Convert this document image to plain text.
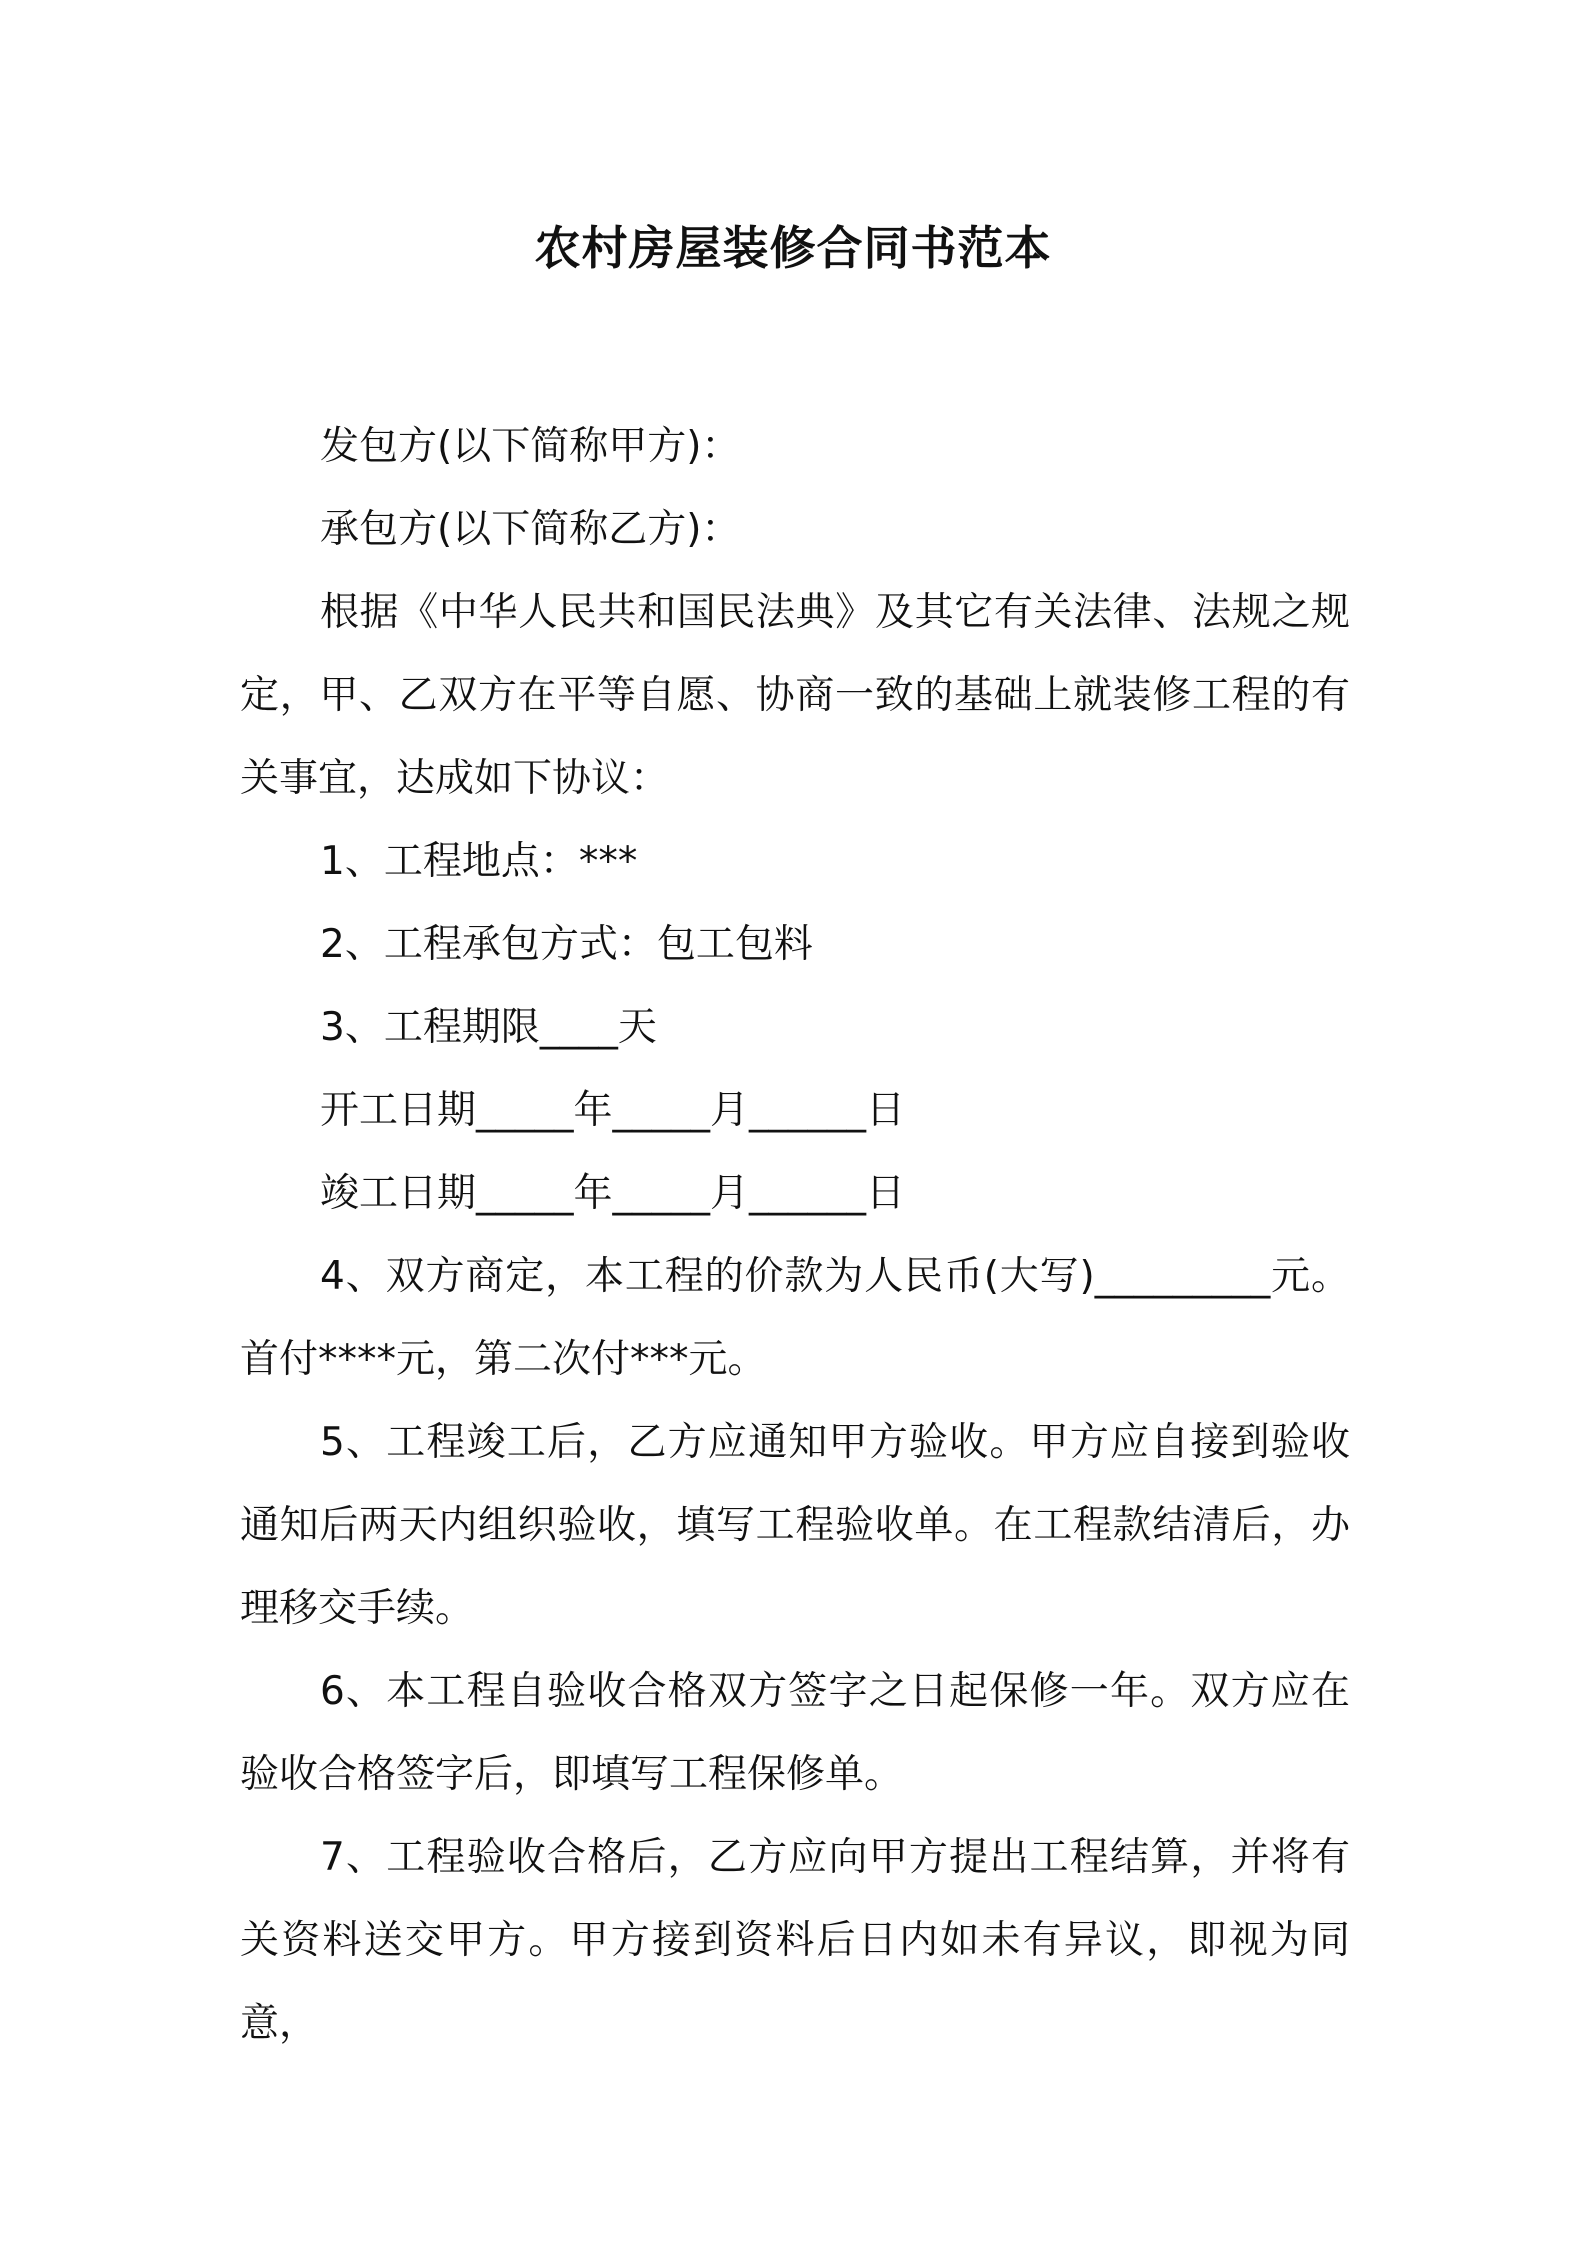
农村房屋装修合同书范本

发包方(以下简称甲方)：

承包方(以下简称乙方)：

根据《中华人民共和国民法典》及其它有关法律、法规之规定，甲、乙双方在平等自愿、协商一致的基础上就装修工程的有关事宜，达成如下协议：

1、工程地点：***

2、工程承包方式：包工包料

3、工程期限____天

开工日期_____年_____月______日

竣工日期_____年_____月______日

4、双方商定，本工程的价款为人民币(大写)_________元。首付****元，第二次付***元。

5、工程竣工后，乙方应通知甲方验收。甲方应自接到验收通知后两天内组织验收，填写工程验收单。在工程款结清后，办理移交手续。

6、本工程自验收合格双方签字之日起保修一年。双方应在验收合格签字后，即填写工程保修单。

7、工程验收合格后，乙方应向甲方提出工程结算，并将有关资料送交甲方。甲方接到资料后日内如未有异议，即视为同意，
